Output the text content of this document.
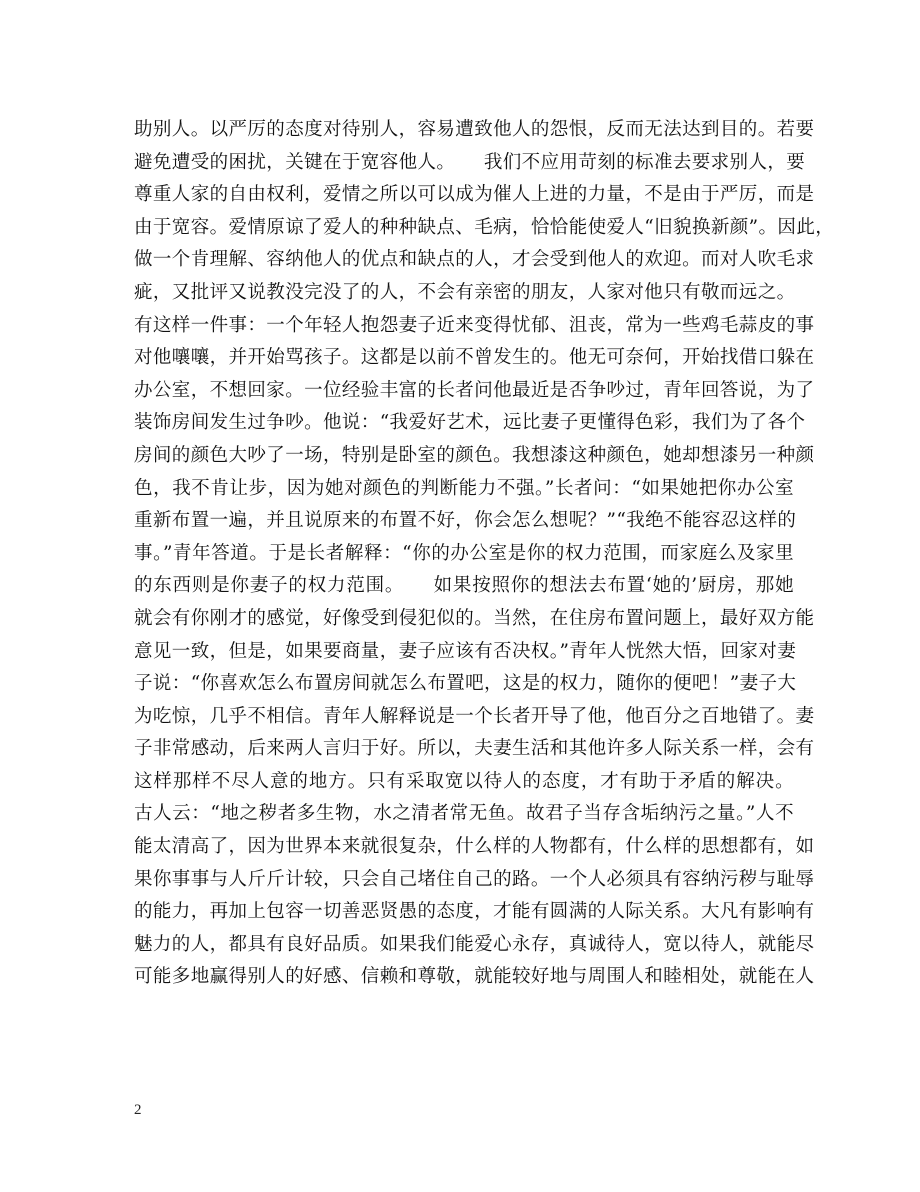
助别人。以严厉的态度对待别人，容易遭致他人的怨恨，反而无法达到目的。若要
避免遭受的困扰，关键在于宽容他人。　　我们不应用苛刻的标准去要求别人，要
尊重人家的自由权利，爱情之所以可以成为催人上进的力量，不是由于严厉，而是
由于宽容。爱情原谅了爱人的种种缺点、毛病，恰恰能使爱人“旧貌换新颜”。因此，
做一个肯理解、容纳他人的优点和缺点的人，才会受到他人的欢迎。而对人吹毛求
疵，又批评又说教没完没了的人，不会有亲密的朋友，人家对他只有敬而远之。
有这样一件事：一个年轻人抱怨妻子近来变得忧郁、沮丧，常为一些鸡毛蒜皮的事
对他嚷嚷，并开始骂孩子。这都是以前不曾发生的。他无可奈何，开始找借口躲在
办公室，不想回家。一位经验丰富的长者问他最近是否争吵过，青年回答说，为了
装饰房间发生过争吵。他说：“我爱好艺术，远比妻子更懂得色彩，我们为了各个
房间的颜色大吵了一场，特别是卧室的颜色。我想漆这种颜色，她却想漆另一种颜
色，我不肯让步，因为她对颜色的判断能力不强。”长者问：“如果她把你办公室
重新布置一遍，并且说原来的布置不好，你会怎么想呢？”“我绝不能容忍这样的
事。”青年答道。于是长者解释：“你的办公室是你的权力范围，而家庭么及家里
的东西则是你妻子的权力范围。　　如果按照你的想法去布置‘她的’厨房，那她
就会有你刚才的感觉，好像受到侵犯似的。当然，在住房布置问题上，最好双方能
意见一致，但是，如果要商量，妻子应该有否决权。”青年人恍然大悟，回家对妻
子说：“你喜欢怎么布置房间就怎么布置吧，这是的权力，随你的便吧！”妻子大
为吃惊，几乎不相信。青年人解释说是一个长者开导了他，他百分之百地错了。妻
子非常感动，后来两人言归于好。所以，夫妻生活和其他许多人际关系一样，会有
这样那样不尽人意的地方。只有采取宽以待人的态度，才有助于矛盾的解决。
古人云：“地之秽者多生物，水之清者常无鱼。故君子当存含垢纳污之量。”人不
能太清高了，因为世界本来就很复杂，什么样的人物都有，什么样的思想都有，如
果你事事与人斤斤计较，只会自己堵住自己的路。一个人必须具有容纳污秽与耻辱
的能力，再加上包容一切善恶贤愚的态度，才能有圆满的人际关系。大凡有影响有
魅力的人，都具有良好品质。如果我们能爱心永存，真诚待人，宽以待人，就能尽
可能多地赢得别人的好感、信赖和尊敬，就能较好地与周围人和睦相处，就能在人
2
